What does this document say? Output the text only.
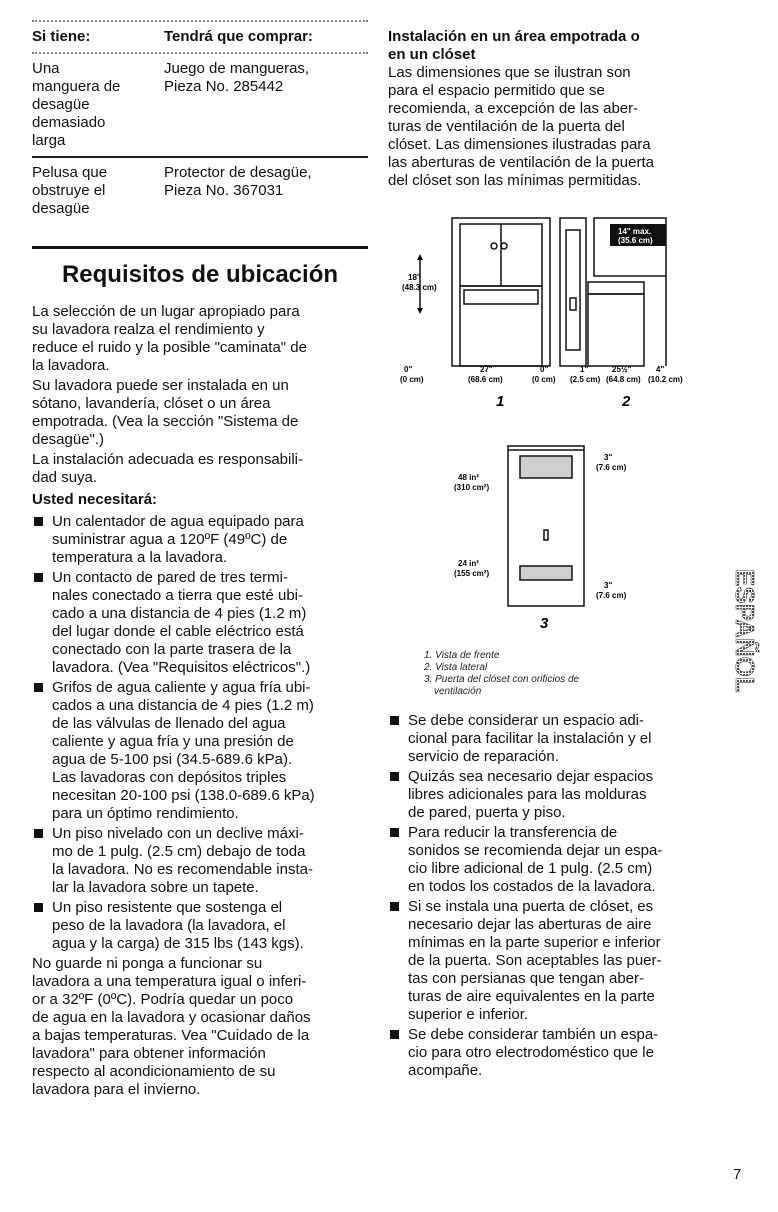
Si tiene:	Tendrá que comprar:
Una
manguera de
desagüe
demasiado
larga
Juego de mangueras,
Pieza No. 285442
Pelusa que
obstruye el
desagüe
Protector de desagüe,
Pieza No. 367031
Requisitos de ubicación

La selección de un lugar apropiado para
su lavadora realza el rendimiento y
reduce el ruido y la posible "caminata" de
la lavadora.

Su lavadora puede ser instalada en un
sótano, lavandería, clóset o un área
empotrada. (Vea la sección "Sistema de
desagüe".)

La instalación adecuada es responsabili-
dad suya.

Usted necesitará:
Un calentador de agua equipado para
suministrar agua a 120ºF (49ºC) de
temperatura a la lavadora.
Un contacto de pared de tres termi-
nales conectado a tierra que esté ubi-
cado a una distancia de 4 pies (1.2 m)
del lugar donde el cable eléctrico está
conectado con la parte trasera de la
lavadora. (Vea "Requisitos eléctricos".)
Grifos de agua caliente y agua fría ubi-
cados a una distancia de 4 pies (1.2 m)
de las válvulas de llenado del agua
caliente y agua fría y una presión de
agua de 5-100 psi (34.5-689.6 kPa).
Las lavadoras con depósitos triples
necesitan 20-100 psi (138.0-689.6 kPa)
para un óptimo rendimiento.
Un piso nivelado con un declive máxi-
mo de 1 pulg. (2.5 cm) debajo de toda
la lavadora. No es recomendable insta-
lar la lavadora sobre un tapete.
Un piso resistente que sostenga el
peso de la lavadora (la lavadora, el
agua y la carga) de 315 lbs (143 kgs).

No guarde ni ponga a funcionar su
lavadora a una temperatura igual o inferi-
or a 32ºF (0ºC). Podría quedar un poco
de agua en la lavadora y ocasionar daños
a bajas temperaturas. Vea "Cuidado de la
lavadora" para obtener información
respecto al acondicionamiento de su
lavadora para el invierno.

Instalación en un área empotrada o
en un clóset

Las dimensiones que se ilustran son
para el espacio permitido que se
recomienda, a excepción de las aber-
turas de ventilación de la puerta del
clóset. Las dimensiones ilustradas para
las aberturas de ventilación de la puerta
del clóset son las mínimas permitidas.

18"
(48.3 cm)
14" max.
(35.6 cm)
0"
(0 cm)
27"
(68.6 cm)
0"
(0 cm)
1"
(2.5 cm)
25½"
(64.8 cm)
4"
(10.2 cm)
1	2
3"
(7.6 cm)
48 in²
(310 cm²)
24 in²
(155 cm²)
3"
(7.6 cm)
3
1. Vista de frente
2. Vista lateral
3. Puerta del clóset con orificios de
ventilación
Se debe considerar un espacio adi-
cional para facilitar la instalación y el
servicio de reparación.
Quizás sea necesario dejar espacios
libres adicionales para las molduras
de pared, puerta y piso.
Para reducir la transferencia de
sonidos se recomienda dejar un espa-
cio libre adicional de 1 pulg. (2.5 cm)
en todos los costados de la lavadora.
Si se instala una puerta de clóset, es
necesario dejar las aberturas de aire
mínimas en la parte superior e inferior
de la puerta. Son aceptables las puer-
tas con persianas que tengan aber-
turas de aire equivalentes en la parte
superior e inferior.
Se debe considerar también un espa-
cio para otro electrodoméstico que le
acompañe.
ESPAÑOL
7
